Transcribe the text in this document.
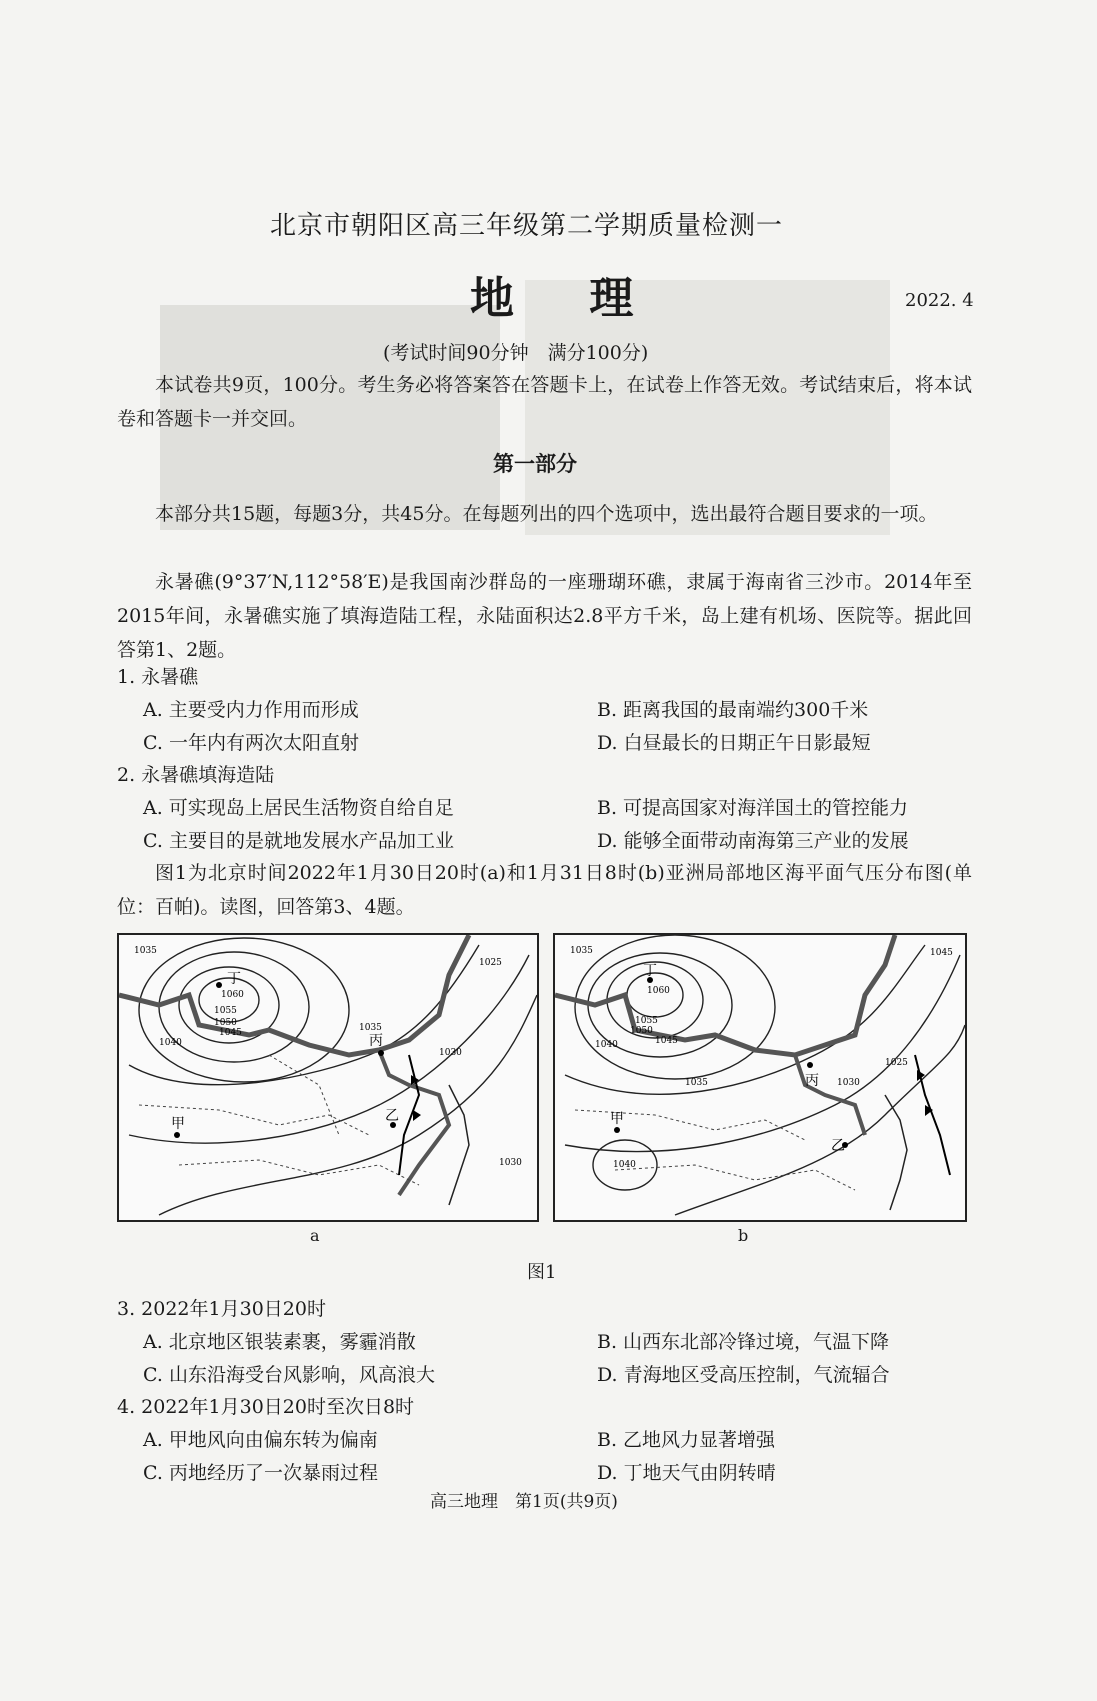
北京市朝阳区高三年级第二学期质量检测一
地 理	2022. 4
(考试时间90分钟　满分100分)
本试卷共9页，100分。考生务必将答案答在答题卡上，在试卷上作答无效。考试结束后，将本试卷和答题卡一并交回。
第一部分
本部分共15题，每题3分，共45分。在每题列出的四个选项中，选出最符合题目要求的一项。
永暑礁(9°37′N,112°58′E)是我国南沙群岛的一座珊瑚环礁，隶属于海南省三沙市。2014年至2015年间，永暑礁实施了填海造陆工程，永陆面积达2.8平方千米，岛上建有机场、医院等。据此回答第1、2题。
1. 永暑礁
A. 主要受内力作用而形成	B. 距离我国的最南端约300千米
C. 一年内有两次太阳直射	D. 白昼最长的日期正午日影最短
2. 永暑礁填海造陆
A. 可实现岛上居民生活物资自给自足	B. 可提高国家对海洋国土的管控能力
C. 主要目的是就地发展水产品加工业	D. 能够全面带动南海第三产业的发展
图1为北京时间2022年1月30日20时(a)和1月31日8时(b)亚洲局部地区海平面气压分布图(单位：百帕)。读图，回答第3、4题。
丁
丙
乙
甲
1035
1040
1045
1050
1055
1060
1030
1025
1035
1030
a
丁
丙
乙
甲
1035
1040	1045
1050
1055
1060
1030
1025
1045
1040
1035
b
图1
3. 2022年1月30日20时
A. 北京地区银装素裹，雾霾消散	B. 山西东北部冷锋过境，气温下降
C. 山东沿海受台风影响，风高浪大	D. 青海地区受高压控制，气流辐合
4. 2022年1月30日20时至次日8时
A. 甲地风向由偏东转为偏南	B. 乙地风力显著增强
C. 丙地经历了一次暴雨过程	D. 丁地天气由阴转晴
高三地理　第1页(共9页)
